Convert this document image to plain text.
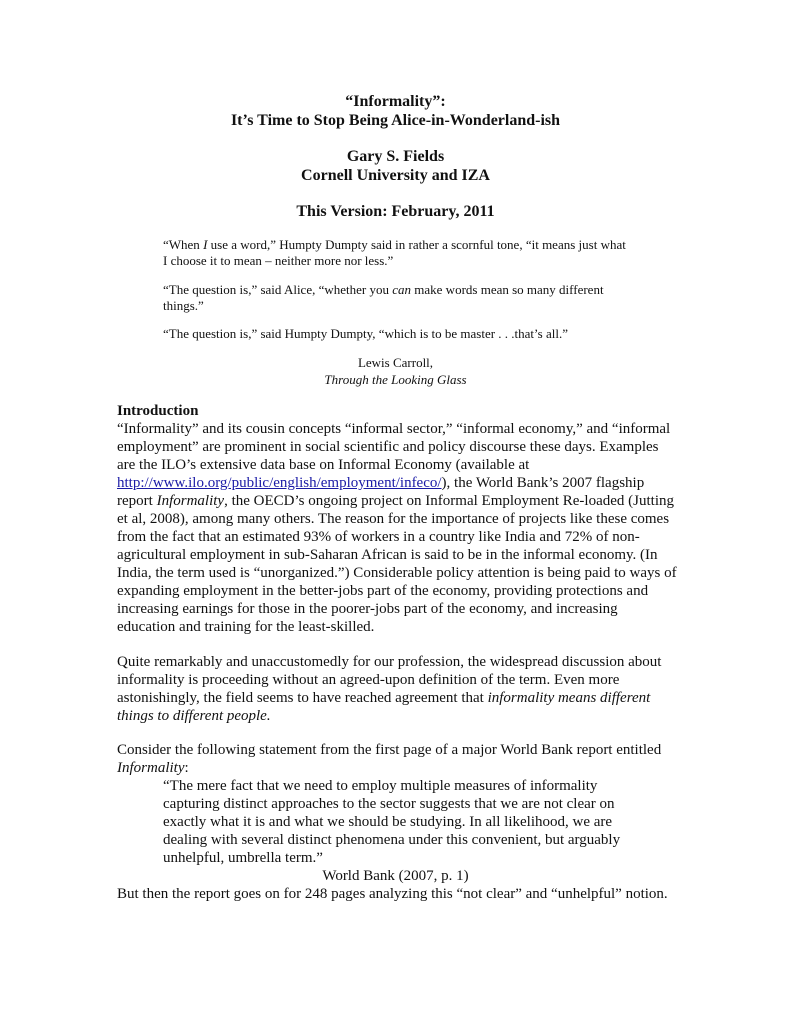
“Informality”:
It’s Time to Stop Being Alice-in-Wonderland-ish
Gary S. Fields
Cornell University and IZA
This Version: February, 2011
“When I use a word,” Humpty Dumpty said in rather a scornful tone, “it means just what I choose it to mean – neither more nor less.”
“The question is,” said Alice, “whether you can make words mean so many different things.”
“The question is,” said Humpty Dumpty, “which is to be master . . .that’s all.”
Lewis Carroll,
Through the Looking Glass
Introduction
“Informality” and its cousin concepts “informal sector,” “informal economy,” and “informal employment” are prominent in social scientific and policy discourse these days. Examples are the ILO’s extensive data base on Informal Economy (available at http://www.ilo.org/public/english/employment/infeco/), the World Bank’s 2007 flagship report Informality, the OECD’s ongoing project on Informal Employment Re-loaded (Jutting et al, 2008), among many others. The reason for the importance of projects like these comes from the fact that an estimated 93% of workers in a country like India and 72% of non-agricultural employment in sub-Saharan African is said to be in the informal economy. (In India, the term used is “unorganized.”) Considerable policy attention is being paid to ways of expanding employment in the better-jobs part of the economy, providing protections and increasing earnings for those in the poorer-jobs part of the economy, and increasing education and training for the least-skilled.
Quite remarkably and unaccustomedly for our profession, the widespread discussion about informality is proceeding without an agreed-upon definition of the term. Even more astonishingly, the field seems to have reached agreement that informality means different things to different people.
Consider the following statement from the first page of a major World Bank report entitled Informality:
“The mere fact that we need to employ multiple measures of informality capturing distinct approaches to the sector suggests that we are not clear on exactly what it is and what we should be studying. In all likelihood, we are dealing with several distinct phenomena under this convenient, but arguably unhelpful, umbrella term.”
World Bank (2007, p. 1)
But then the report goes on for 248 pages analyzing this “not clear” and “unhelpful” notion.
